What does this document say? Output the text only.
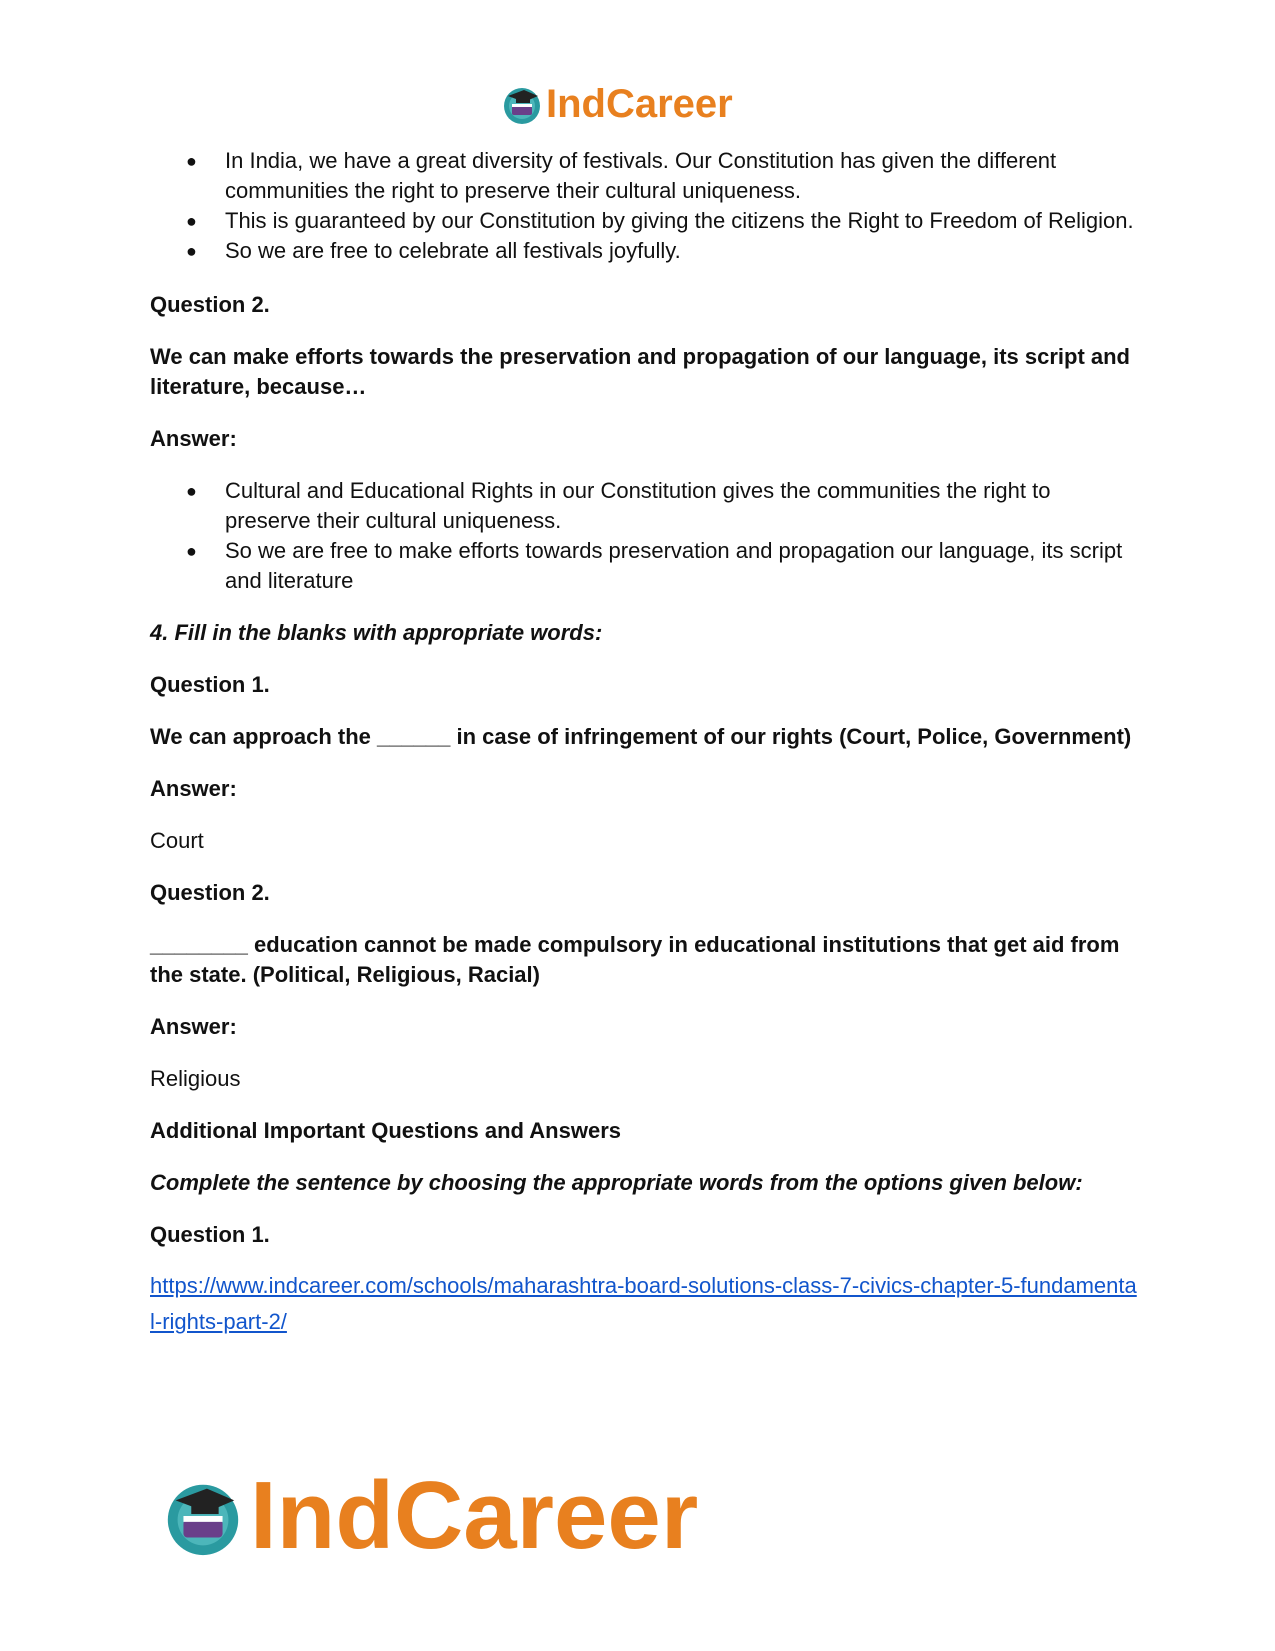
IndCareer
● In India, we have a great diversity of festivals. Our Constitution has given the different communities the right to preserve their cultural uniqueness.
● This is guaranteed by our Constitution by giving the citizens the Right to Freedom of Religion.
● So we are free to celebrate all festivals joyfully.

Question 2.

We can make efforts towards the preservation and propagation of our language, its script and literature, because…

Answer:

● Cultural and Educational Rights in our Constitution gives the communities the right to preserve their cultural uniqueness.
● So we are free to make efforts towards preservation and propagation our language, its script and literature

4. Fill in the blanks with appropriate words:

Question 1.

We can approach the ______ in case of infringement of our rights (Court, Police, Government)

Answer:

Court

Question 2.

________ education cannot be made compulsory in educational institutions that get aid from the state. (Political, Religious, Racial)

Answer:

Religious

Additional Important Questions and Answers

Complete the sentence by choosing the appropriate words from the options given below:

Question 1.

https://www.indcareer.com/schools/maharashtra-board-solutions-class-7-civics-chapter-5-fundamental-rights-part-2/

IndCareer
